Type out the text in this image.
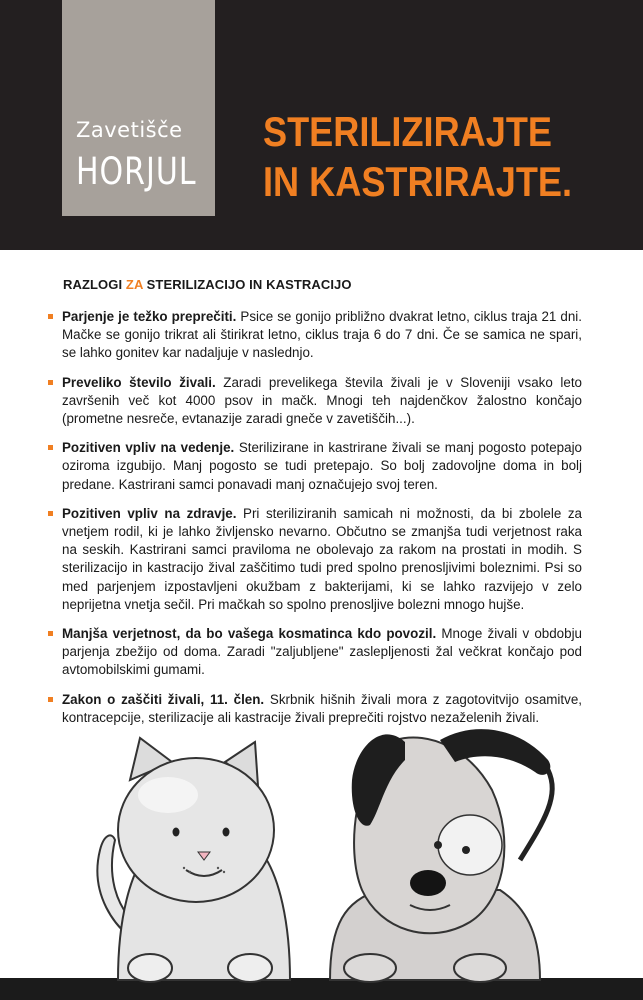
Zavetišče
HORJUL
STERILIZIRAJTE
IN KASTRIRAJTE.
RAZLOGI ZA STERILIZACIJO IN KASTRACIJO
Parjenje je težko preprečiti. Psice se gonijo približno dvakrat letno, ciklus traja 21 dni. Mačke se gonijo trikrat ali štirikrat letno, ciklus traja 6 do 7 dni. Če se samica ne spari, se lahko gonitev kar nadaljuje v naslednjo.
Preveliko število živali. Zaradi prevelikega števila živali je v Sloveniji vsako leto završenih več kot 4000 psov in mačk. Mnogi teh najdenčkov žalostno končajo (prometne nesreče, evtanazije zaradi gneče v zavetiščih...).
Pozitiven vpliv na vedenje. Sterilizirane in kastrirane živali se manj pogosto potepajo oziroma izgubijo. Manj pogosto se tudi pretepajo. So bolj zadovoljne doma in bolj predane. Kastrirani samci ponavadi manj označujejo svoj teren.
Pozitiven vpliv na zdravje. Pri steriliziranih samicah ni možnosti, da bi zbolele za vnetjem rodil, ki je lahko življensko nevarno. Občutno se zmanjša tudi verjetnost raka na seskih. Kastrirani samci praviloma ne obolevajo za rakom na prostati in modih. S sterilizacijo in kastracijo žival zaščitimo tudi pred spolno prenosljivimi boleznimi. Psi so med parjenjem izpostavljeni okužbam z bakterijami, ki se lahko razvijejo v zelo neprijetna vnetja sečil. Pri mačkah so spolno prenosljive bolezni mnogo hujše.
Manjša verjetnost, da bo vašega kosmatinca kdo povozil. Mnoge živali v obdobju parjenja zbežijo od doma. Zaradi "zaljubljene" zaslepljenosti žal večkrat končajo pod avtomobilskimi gumami.
Zakon o zaščiti živali, 11. člen. Skrbnik hišnih živali mora z zagotovitvijo osamitve, kontracepcije, sterilizacije ali kastracije živali preprečiti rojstvo nezaželenih živali.
